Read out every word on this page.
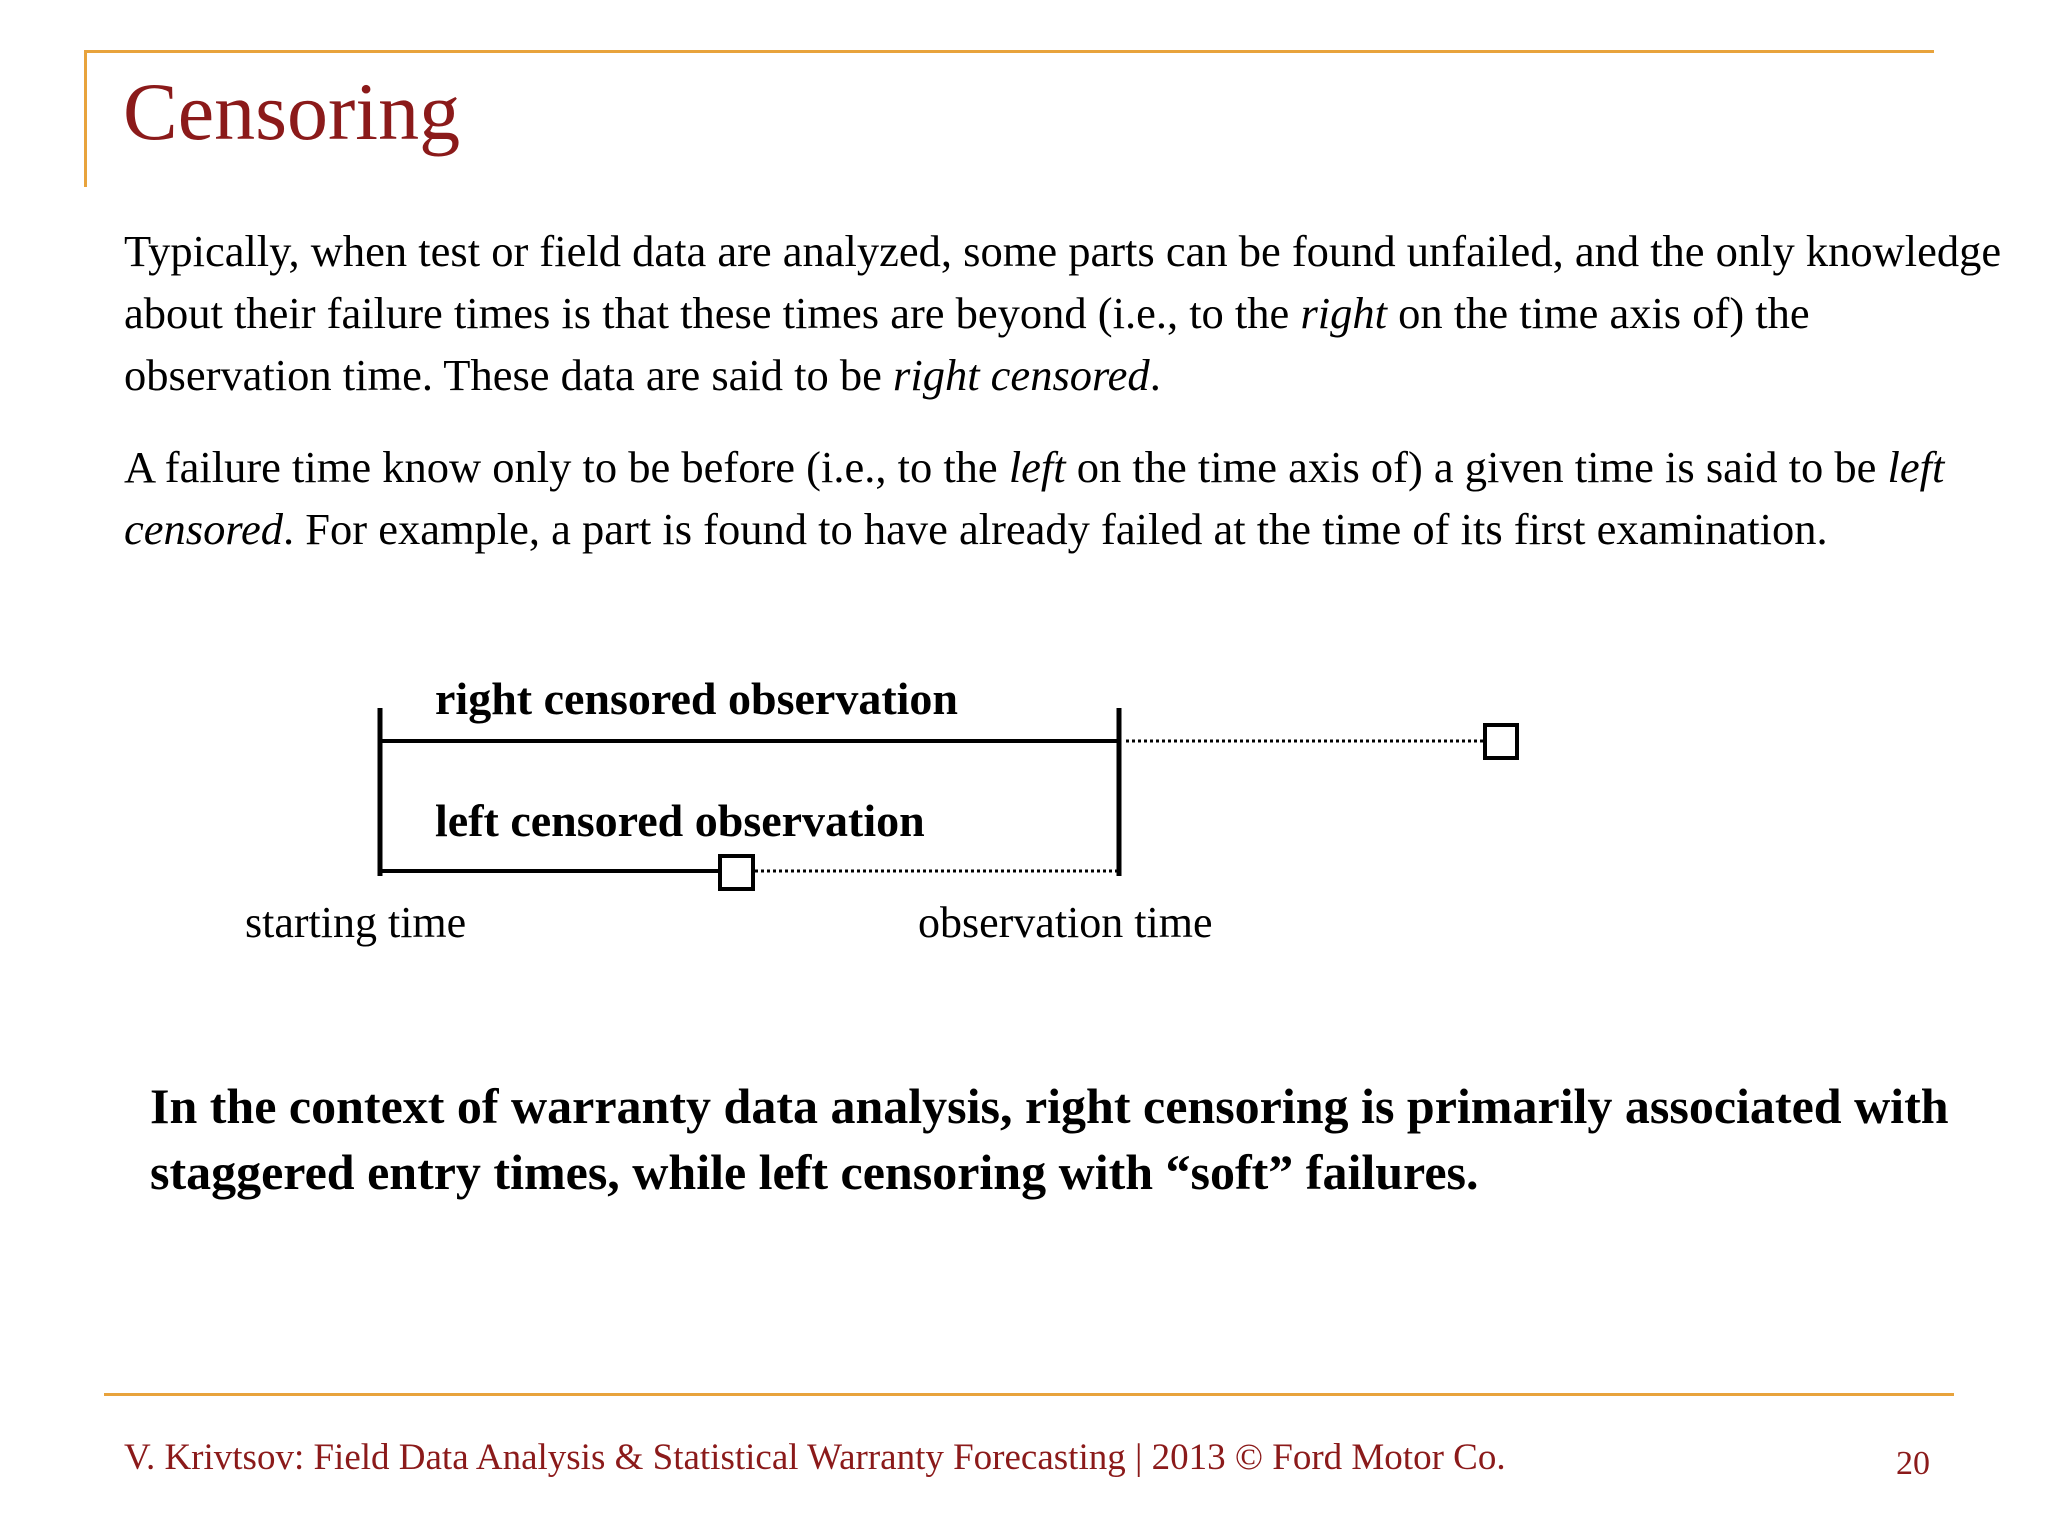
Censoring

Typically, when test or field data are analyzed, some parts can be found unfailed, and the only knowledge about their failure times is that these times are beyond (i.e., to the right on the time axis of) the observation time. These data are said to be right censored.

A failure time know only to be before (i.e., to the left on the time axis of) a given time is said to be left censored. For example, a part is found to have already failed at the time of its first examination.

right censored observation
left censored observation
starting time	observation time

In the context of warranty data analysis, right censoring is primarily associated with staggered entry times, while left censoring with “soft” failures.

V. Krivtsov: Field Data Analysis & Statistical Warranty Forecasting | 2013 © Ford Motor Co.	20
